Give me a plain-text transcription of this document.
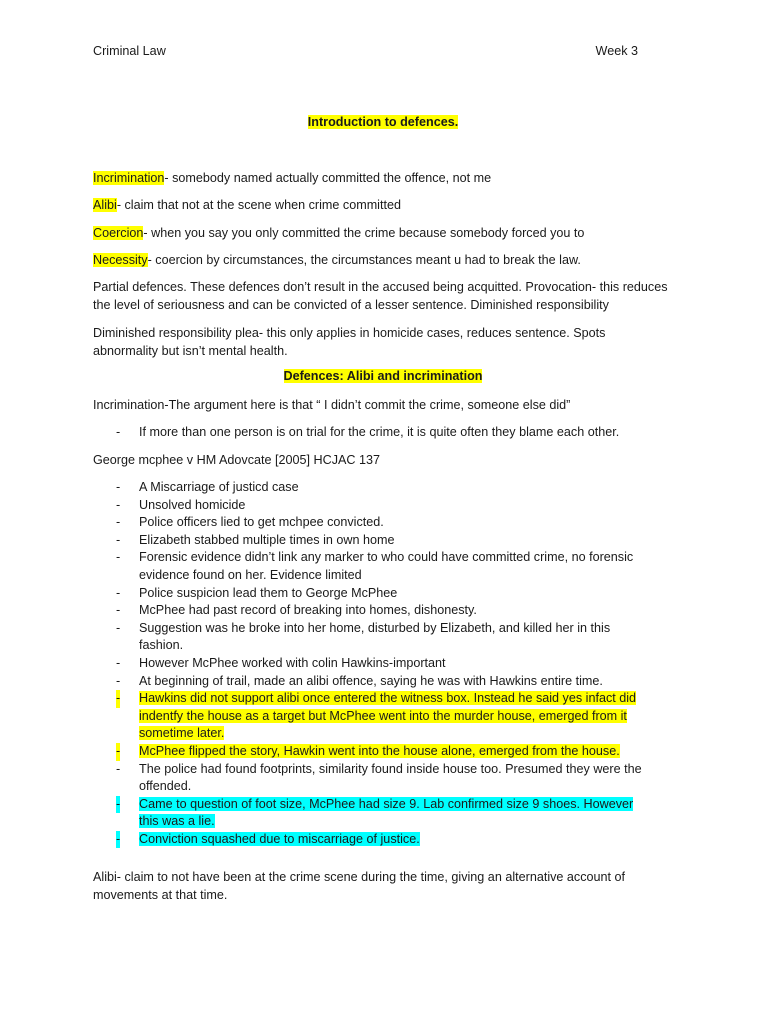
Criminal Law	Week 3
Introduction to defences.
Incrimination- somebody named actually committed the offence, not me
Alibi- claim that not at the scene when crime committed
Coercion- when you say you only committed the crime because somebody forced you to
Necessity- coercion by circumstances, the circumstances meant u had to break the law.
Partial defences. These defences don’t result in the accused being acquitted. Provocation- this reduces the level of seriousness and can be convicted of a lesser sentence. Diminished responsibility
Diminished responsibility plea- this only applies in homicide cases, reduces sentence. Spots abnormality but isn’t mental health.
Defences: Alibi and incrimination
Incrimination-The argument here is that “ I didn’t commit the crime, someone else did”
- If more than one person is on trial for the crime, it is quite often they blame each other.
George mcphee v HM Adovcate [2005] HCJAC 137
- A Miscarriage of justicd case
- Unsolved homicide
- Police officers lied to get mchpee convicted.
- Elizabeth stabbed multiple times in own home
- Forensic evidence didn’t link any marker to who could have committed crime, no forensic evidence found on her. Evidence limited
- Police suspicion lead them to George McPhee
- McPhee had past record of breaking into homes, dishonesty.
- Suggestion was he broke into her home, disturbed by Elizabeth, and killed her in this fashion.
- However McPhee worked with colin Hawkins-important
- At beginning of trail, made an alibi offence, saying he was with Hawkins entire time.
- Hawkins did not support alibi once entered the witness box. Instead he said yes infact did indentfy the house as a target but McPhee went into the murder house, emerged from it sometime later.
- McPhee flipped the story, Hawkin went into the house alone, emerged from the house.
- The police had found footprints, similarity found inside house too. Presumed they were the offended.
- Came to question of foot size, McPhee had size 9. Lab confirmed size 9 shoes. However this was a lie.
- Conviction squashed due to miscarriage of justice.
Alibi- claim to not have been at the crime scene during the time, giving an alternative account of movements at that time.
